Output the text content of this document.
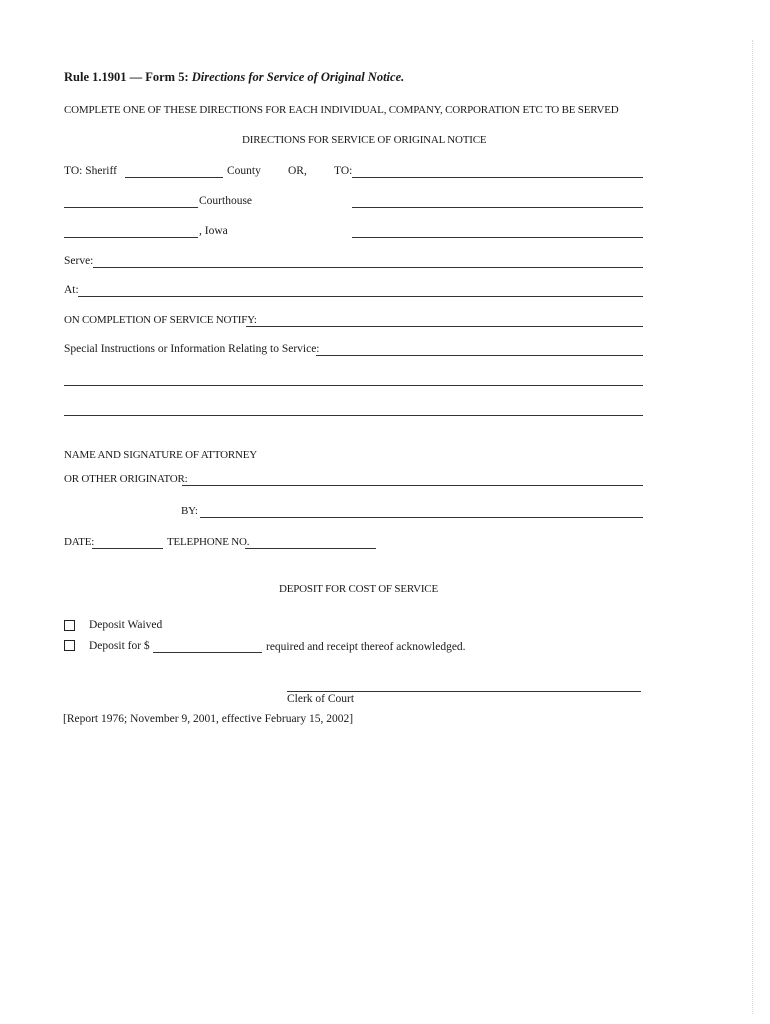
Rule 1.1901 — Form 5: Directions for Service of Original Notice.
COMPLETE ONE OF THESE DIRECTIONS FOR EACH INDIVIDUAL, COMPANY, CORPORATION ETC TO BE SERVED
DIRECTIONS FOR SERVICE OF ORIGINAL NOTICE
TO: Sheriff	County OR, TO:
Courthouse
, Iowa
Serve:
At:
ON COMPLETION OF SERVICE NOTIFY:
Special Instructions or Information Relating to Service:
NAME AND SIGNATURE OF ATTORNEY
OR OTHER ORIGINATOR:
BY:
DATE:	TELEPHONE NO.
DEPOSIT FOR COST OF SERVICE
Deposit Waived
Deposit for $	required and receipt thereof acknowledged.
Clerk of Court
[Report 1976; November 9, 2001, effective February 15, 2002]
